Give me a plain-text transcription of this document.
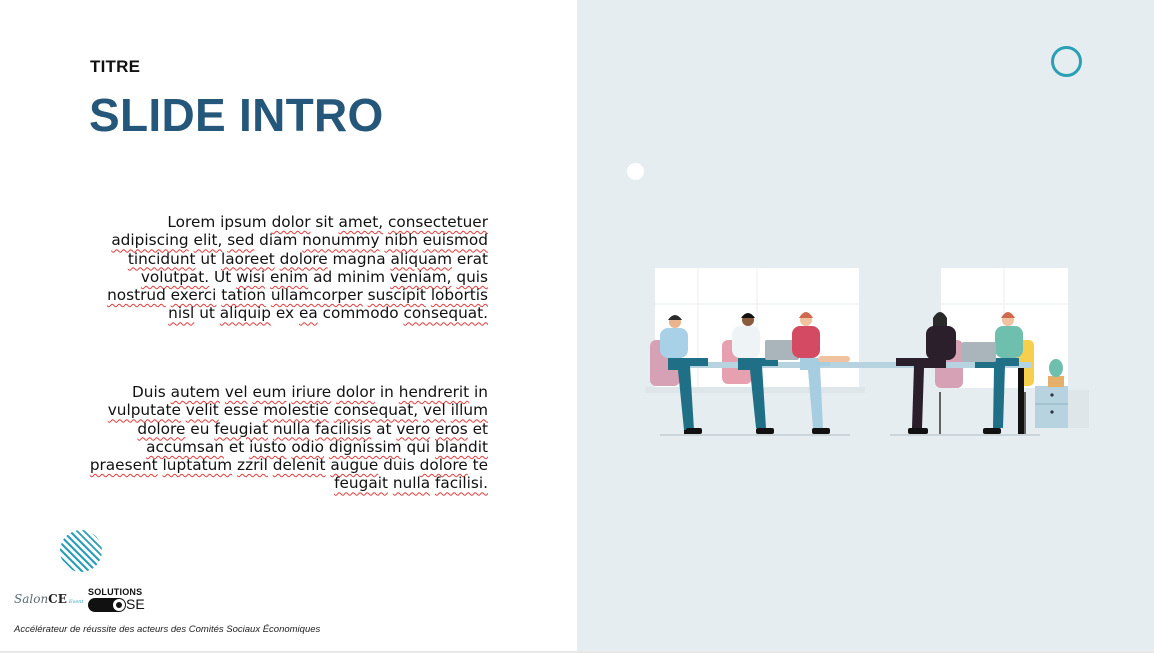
TITRE
SLIDE INTRO
Lorem ipsum dolor sit amet, consectetuer adipiscing elit, sed diam nonummy nibh euismod tincidunt ut laoreet dolore magna aliquam erat volutpat. Ut wisi enim ad minim veniam, quis nostrud exerci tation ullamcorper suscipit lobortis nisl ut aliquip ex ea commodo consequat.
Duis autem vel eum iriure dolor in hendrerit in vulputate velit esse molestie consequat, vel illum dolore eu feugiat nulla facilisis at vero eros et accumsan et iusto odio dignissim qui blandit praesent luptatum zzril delenit augue duis dolore te feugait nulla facilisi.
SalonCE Event
SOLUTIONS
SE
Accélérateur de réussite des acteurs des Comités Sociaux Économiques
